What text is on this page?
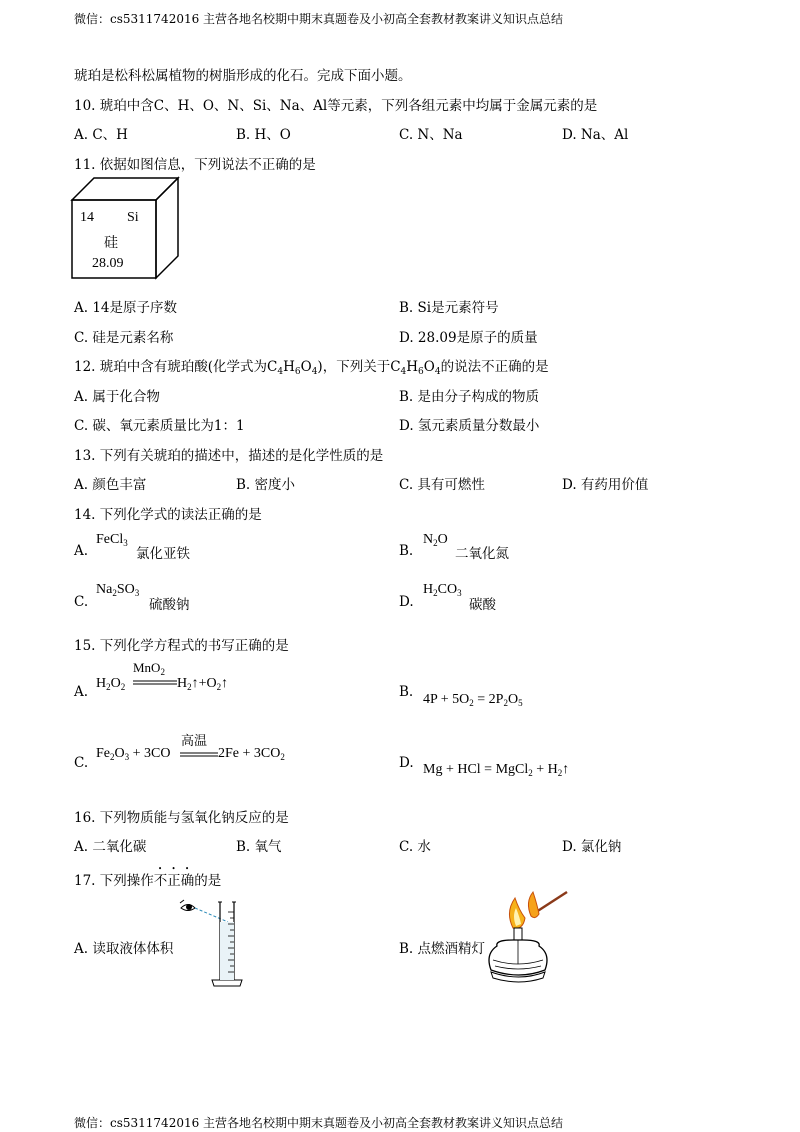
微信：cs5311742016 主营各地名校期中期末真题卷及小初高全套教材教案讲义知识点总结
琥珀是松科松属植物的树脂形成的化石。完成下面小题。
10. 琥珀中含C、H、O、N、Si、Na、Al等元素，下列各组元素中均属于金属元素的是
A. C、H	B. H、O	C. N、Na	D. Na、Al
11. 依据如图信息，下列说法不正确的是
14 Si
硅
28.09
A. 14是原子序数	B. Si是元素符号
C. 硅是元素名称	D. 28.09是原子的质量
12. 琥珀中含有琥珀酸(化学式为$C_4H_6O_4$)，下列关于$C_4H_6O_4$的说法不正确的是
A. 属于化合物	B. 是由分子构成的物质
C. 碳、氧元素质量比为1：1	D. 氢元素质量分数最小
13. 下列有关琥珀的描述中，描述的是化学性质的是
A. 颜色丰富	B. 密度小	C. 具有可燃性	D. 有药用价值
14. 下列化学式的读法正确的是
A.
FeCl$_3$
氯化亚铁	B.
$N_2O$
二氧化氮
C.
$Na_2SO_3$
硫酸钠	D.
$H_2CO_3$
碳酸
15. 下列化学方程式的书写正确的是
A.
$H_2O_2$
MnO$_2$
$H_2↑+O_2↑$
B. $4P + 5O_2 = 2P_2O_5$
C.
$Fe_2O_3 + 3CO$
高温
$2Fe + 3CO_2$	D. Mg + HCl = MgCl$_2$ + $H_2↑$
16. 下列物质能与氢氧化钠反应的是
A. 二氧化碳	B. 氧气	C. 水	D. 氯化钠
17. 下列操作不正确的是
A. 读取液体体积	B. 点燃酒精灯
微信：cs5311742016 主营各地名校期中期末真题卷及小初高全套教材教案讲义知识点总结
